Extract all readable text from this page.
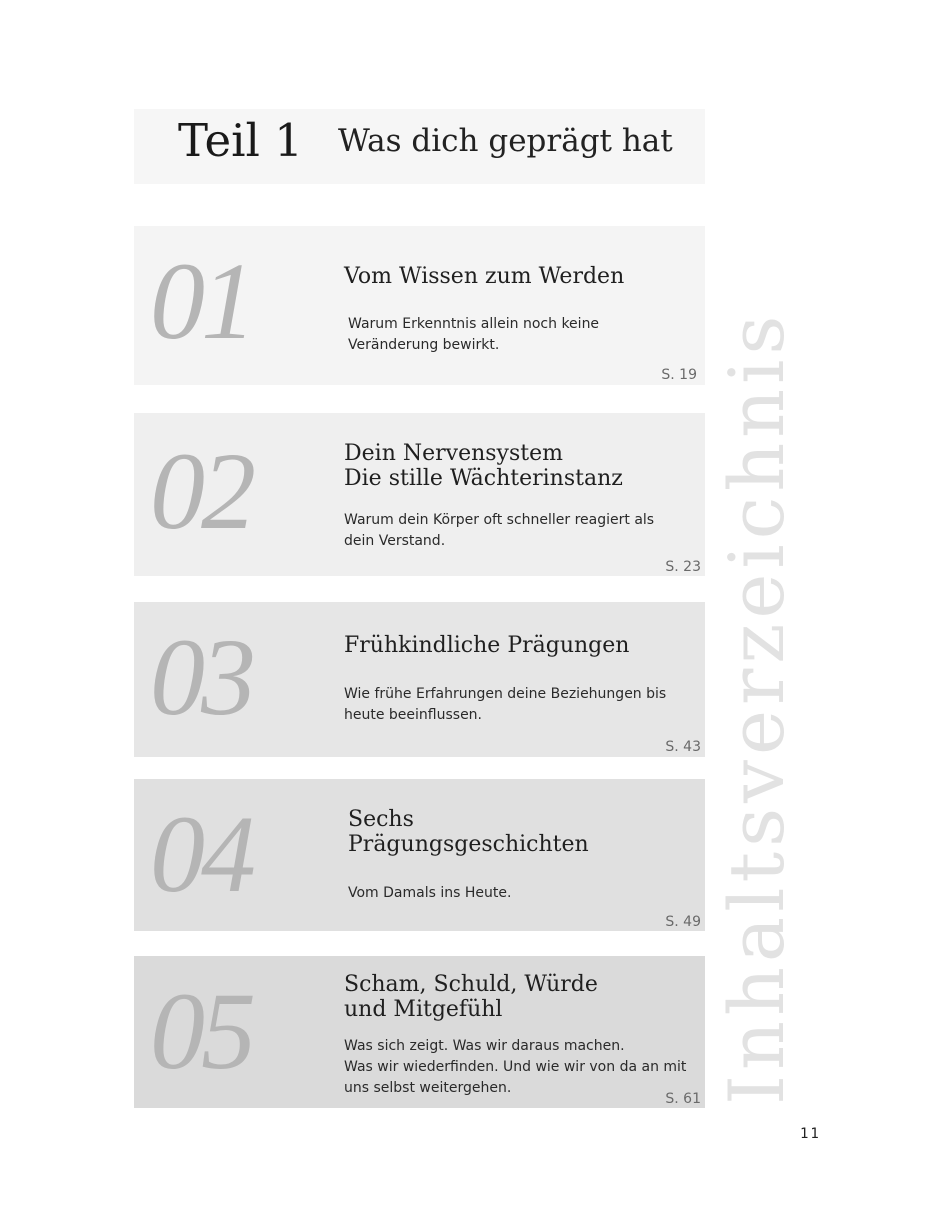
Teil 1 Was dich geprägt hat
01	Vom Wissen zum Werden
Warum Erkenntnis allein noch keine
Veränderung bewirkt.
S. 19
02	Dein Nervensystem
Die stille Wächterinstanz
Warum dein Körper oft schneller reagiert als
dein Verstand.
S. 23
03	Frühkindliche Prägungen
Wie frühe Erfahrungen deine Beziehungen bis
heute beeinflussen.
S. 43
04	Sechs
Prägungsgeschichten
Vom Damals ins Heute.
S. 49
05	Scham, Schuld, Würde
und Mitgefühl
Was sich zeigt. Was wir daraus machen.
Was wir wiederfinden. Und wie wir von da an mit
uns selbst weitergehen.
S. 61 Inhaltsverzeichnis
11
